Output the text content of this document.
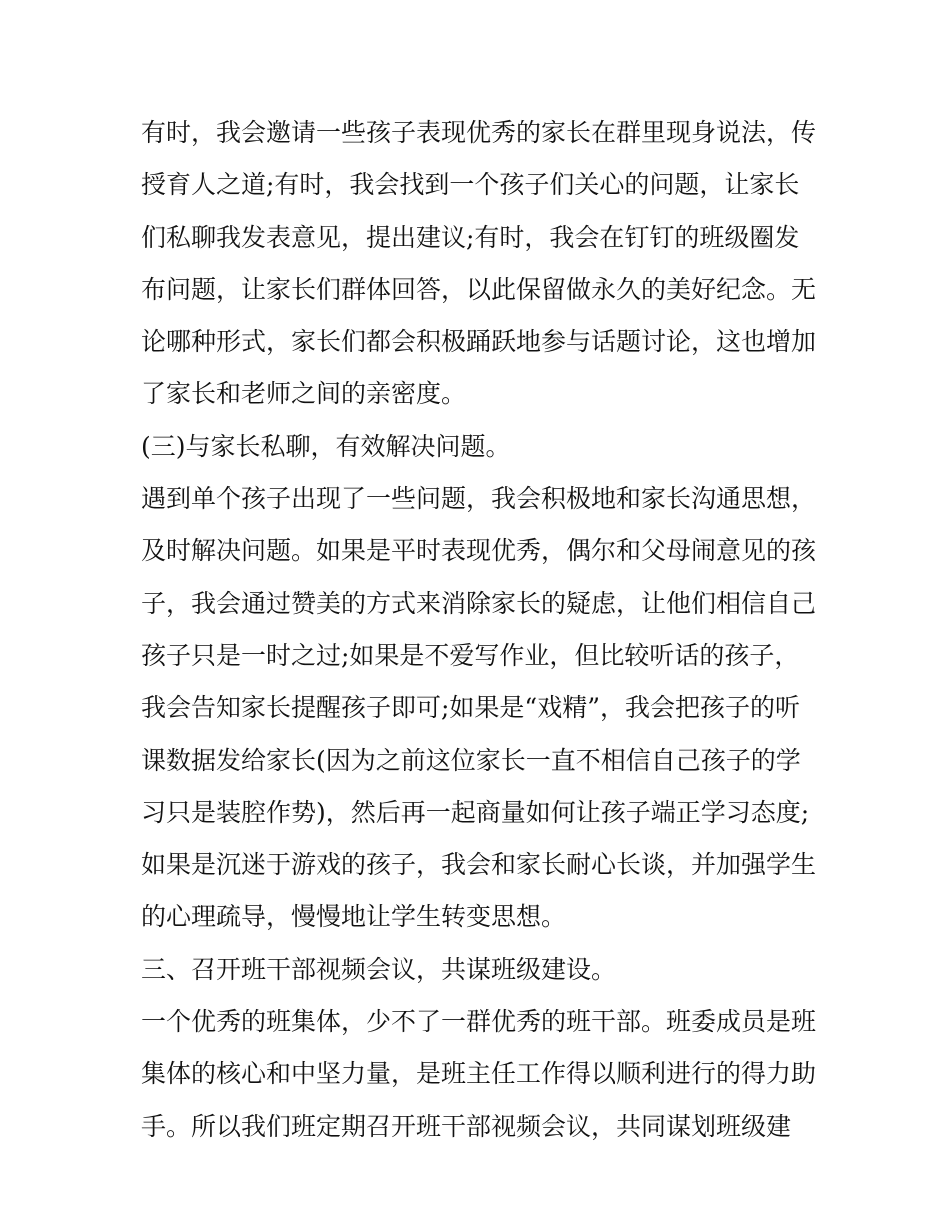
有时，我会邀请一些孩子表现优秀的家长在群里现身说法，传
授育人之道;有时，我会找到一个孩子们关心的问题，让家长
们私聊我发表意见，提出建议;有时，我会在钉钉的班级圈发
布问题，让家长们群体回答，以此保留做永久的美好纪念。无
论哪种形式，家长们都会积极踊跃地参与话题讨论，这也增加
了家长和老师之间的亲密度。
(三)与家长私聊，有效解决问题。
遇到单个孩子出现了一些问题，我会积极地和家长沟通思想，
及时解决问题。如果是平时表现优秀，偶尔和父母闹意见的孩
子，我会通过赞美的方式来消除家长的疑虑，让他们相信自己
孩子只是一时之过;如果是不爱写作业，但比较听话的孩子，
我会告知家长提醒孩子即可;如果是“戏精”，我会把孩子的听
课数据发给家长(因为之前这位家长一直不相信自己孩子的学
习只是装腔作势)，然后再一起商量如何让孩子端正学习态度;
如果是沉迷于游戏的孩子，我会和家长耐心长谈，并加强学生
的心理疏导，慢慢地让学生转变思想。
三、召开班干部视频会议，共谋班级建设。
一个优秀的班集体，少不了一群优秀的班干部。班委成员是班
集体的核心和中坚力量，是班主任工作得以顺利进行的得力助
手。所以我们班定期召开班干部视频会议，共同谋划班级建
